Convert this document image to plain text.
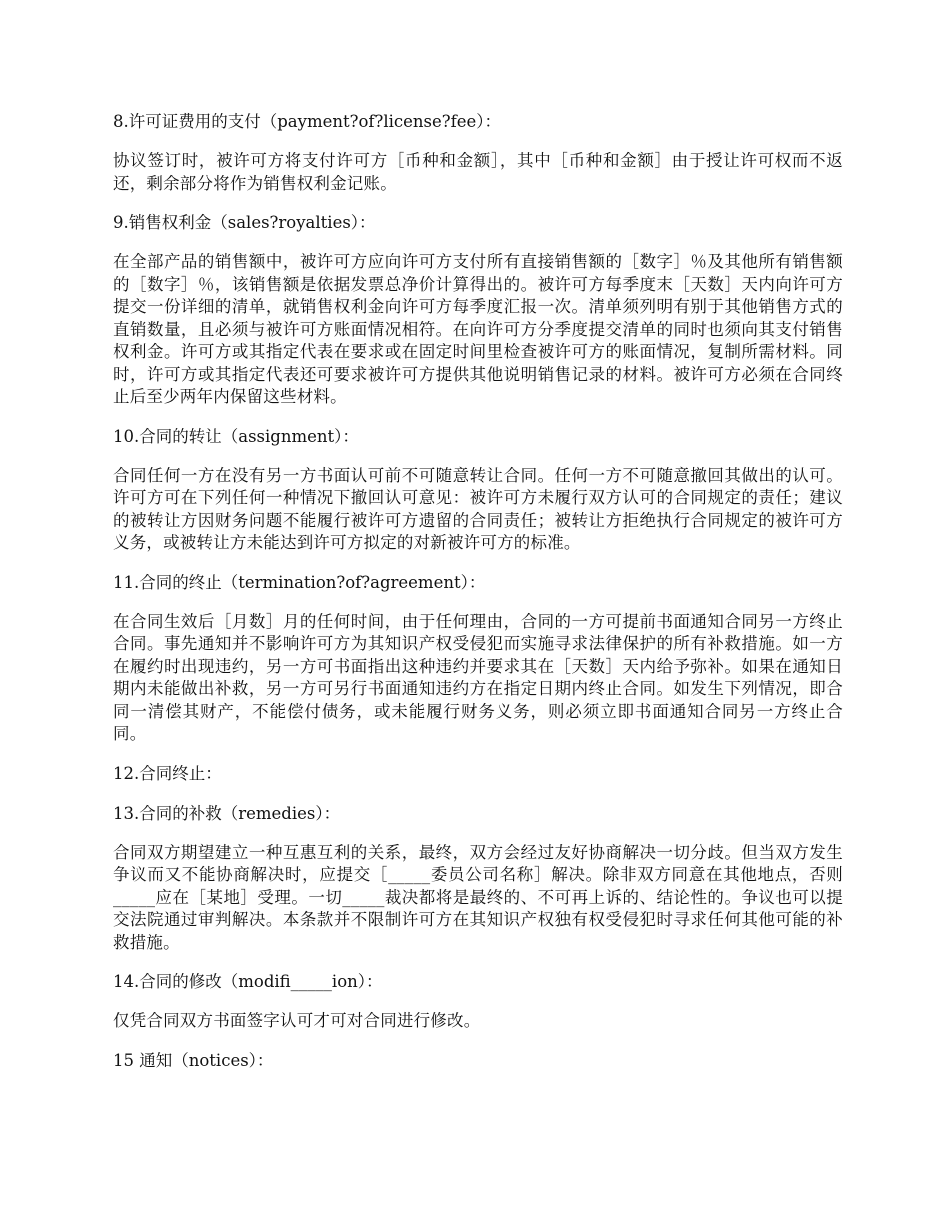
8.许可证费用的支付（payment?of?license?fee）：
协议签订时，被许可方将支付许可方［币种和金额］，其中［币种和金额］由于授让许可权而不返还，剩余部分将作为销售权利金记账。
9.销售权利金（sales?royalties）：
在全部产品的销售额中，被许可方应向许可方支付所有直接销售额的［数字］％及其他所有销售额的［数字］％，该销售额是依据发票总净价计算得出的。被许可方每季度末［天数］天内向许可方提交一份详细的清单，就销售权利金向许可方每季度汇报一次。清单须列明有别于其他销售方式的直销数量，且必须与被许可方账面情况相符。在向许可方分季度提交清单的同时也须向其支付销售权利金。许可方或其指定代表在要求或在固定时间里检查被许可方的账面情况，复制所需材料。同时，许可方或其指定代表还可要求被许可方提供其他说明销售记录的材料。被许可方必须在合同终止后至少两年内保留这些材料。
10.合同的转让（assignment）：
合同任何一方在没有另一方书面认可前不可随意转让合同。任何一方不可随意撤回其做出的认可。许可方可在下列任何一种情况下撤回认可意见：被许可方未履行双方认可的合同规定的责任；建议的被转让方因财务问题不能履行被许可方遗留的合同责任；被转让方拒绝执行合同规定的被许可方义务，或被转让方未能达到许可方拟定的对新被许可方的标准。
11.合同的终止（termination?of?agreement）：
在合同生效后［月数］月的任何时间，由于任何理由，合同的一方可提前书面通知合同另一方终止合同。事先通知并不影响许可方为其知识产权受侵犯而实施寻求法律保护的所有补救措施。如一方在履约时出现违约，另一方可书面指出这种违约并要求其在［天数］天内给予弥补。如果在通知日期内未能做出补救，另一方可另行书面通知违约方在指定日期内终止合同。如发生下列情况，即合同一清偿其财产，不能偿付债务，或未能履行财务义务，则必须立即书面通知合同另一方终止合同。
12.合同终止：
13.合同的补救（remedies）：
合同双方期望建立一种互惠互利的关系，最终，双方会经过友好协商解决一切分歧。但当双方发生争议而又不能协商解决时，应提交［_____委员公司名称］解决。除非双方同意在其他地点，否则_____应在［某地］受理。一切_____裁决都将是最终的、不可再上诉的、结论性的。争议也可以提交法院通过审判解决。本条款并不限制许可方在其知识产权独有权受侵犯时寻求任何其他可能的补救措施。
14.合同的修改（modifi_____ion）：
仅凭合同双方书面签字认可才可对合同进行修改。
15 通知（notices）：
